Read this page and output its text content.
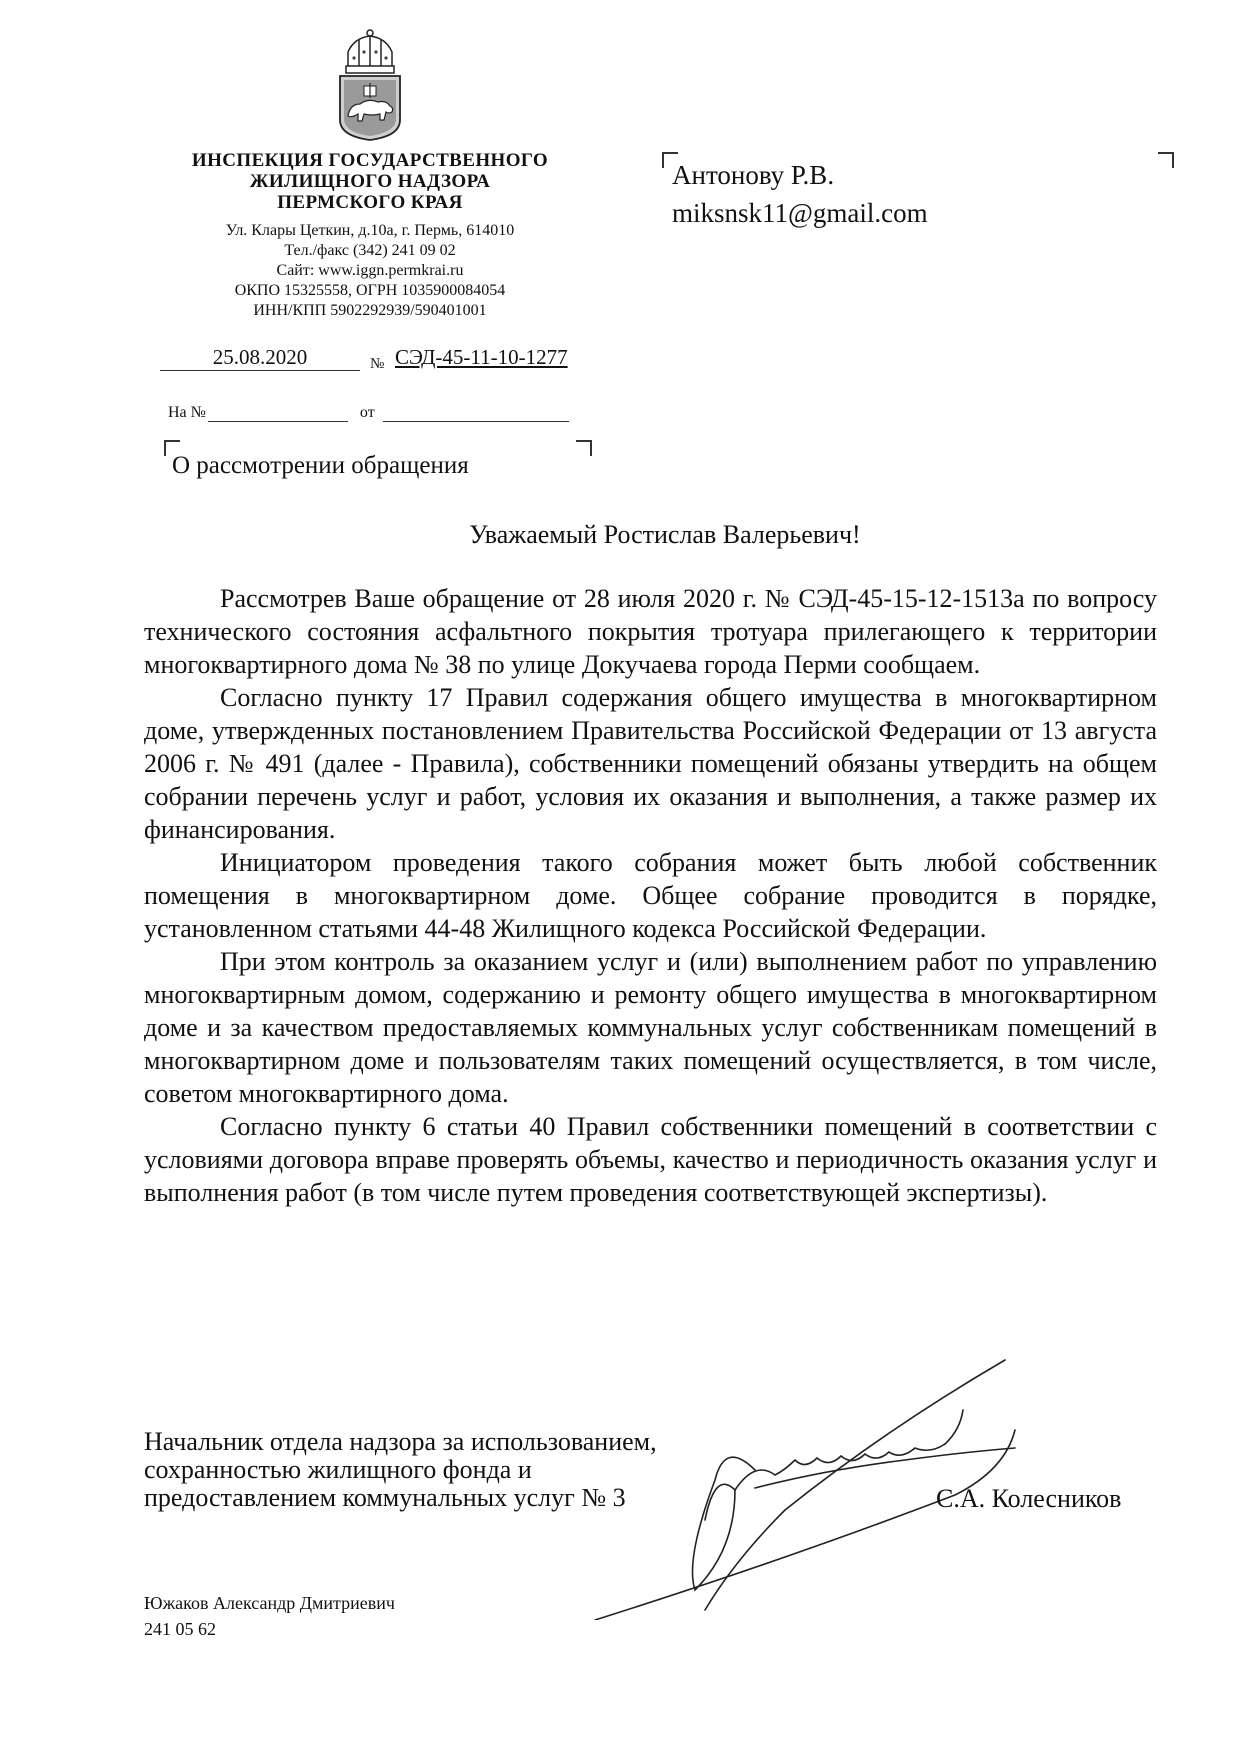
ИНСПЕКЦИЯ ГОСУДАРСТВЕННОГО
ЖИЛИЩНОГО НАДЗОРА
ПЕРМСКОГО КРАЯ
Ул. Клары Цеткин, д.10а, г. Пермь, 614010
Тел./факс (342) 241 09 02
Сайт: www.iggn.permkrai.ru
ОКПО 15325558, ОГРН 1035900084054
ИНН/КПП 5902292939/590401001
Антонову Р.В.
miksnsk11@gmail.com
25.08.2020	№ СЭД-45-11-10-1277
На №	от
О рассмотрении обращения
Уважаемый Ростислав Валерьевич!

Рассмотрев Ваше обращение от 28 июля 2020 г. № СЭД-45-15-12-1513а по вопросу технического состояния асфальтного покрытия тротуара прилегающего к территории многоквартирного дома № 38 по улице Докучаева города Перми сообщаем.

Согласно пункту 17 Правил содержания общего имущества в многоквартирном доме, утвержденных постановлением Правительства Российской Федерации от 13 августа 2006 г. № 491 (далее - Правила), собственники помещений обязаны утвердить на общем собрании перечень услуг и работ, условия их оказания и выполнения, а также размер их финансирования.

Инициатором проведения такого собрания может быть любой собственник помещения в многоквартирном доме. Общее собрание проводится в порядке, установленном статьями 44-48 Жилищного кодекса Российской Федерации.

При этом контроль за оказанием услуг и (или) выполнением работ по управлению многоквартирным домом, содержанию и ремонту общего имущества в многоквартирном доме и за качеством предоставляемых коммунальных услуг собственникам помещений в многоквартирном доме и пользователям таких помещений осуществляется, в том числе, советом многоквартирного дома.

Согласно пункту 6 статьи 40 Правил собственники помещений в соответствии с условиями договора вправе проверять объемы, качество и периодичность оказания услуг и выполнения работ (в том числе путем проведения соответствующей экспертизы).

Начальник отдела надзора за использованием,
сохранностью жилищного фонда и
предоставлением коммунальных услуг № 3	С.А. Колесников
Южаков Александр Дмитриевич
241 05 62
